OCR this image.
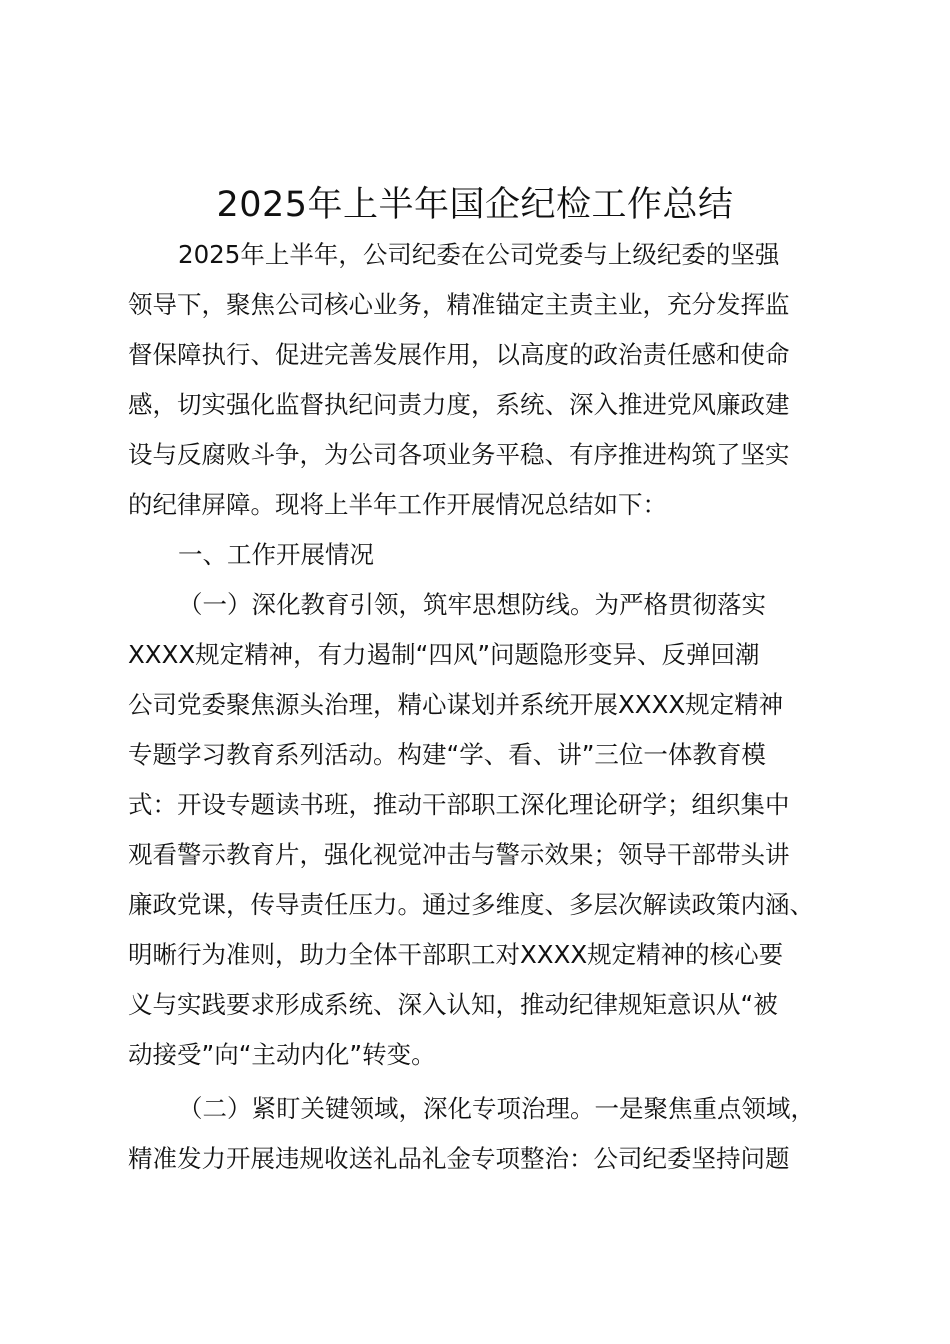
2025年上半年国企纪检工作总结
2025年上半年，公司纪委在公司党委与上级纪委的坚强
领导下，聚焦公司核心业务，精准锚定主责主业，充分发挥监
督保障执行、促进完善发展作用，以高度的政治责任感和使命
感，切实强化监督执纪问责力度，系统、深入推进党风廉政建
设与反腐败斗争，为公司各项业务平稳、有序推进构筑了坚实
的纪律屏障。现将上半年工作开展情况总结如下：
一、工作开展情况
（一）深化教育引领，筑牢思想防线。为严格贯彻落实
XXXX规定精神，有力遏制“四风”问题隐形变异、反弹回潮
公司党委聚焦源头治理，精心谋划并系统开展XXXX规定精神
专题学习教育系列活动。构建“学、看、讲”三位一体教育模
式：开设专题读书班，推动干部职工深化理论研学；组织集中
观看警示教育片，强化视觉冲击与警示效果；领导干部带头讲
廉政党课，传导责任压力。通过多维度、多层次解读政策内涵、
明晰行为准则，助力全体干部职工对XXXX规定精神的核心要
义与实践要求形成系统、深入认知，推动纪律规矩意识从“被
动接受”向“主动内化”转变。
（二）紧盯关键领域，深化专项治理。一是聚焦重点领域，
精准发力开展违规收送礼品礼金专项整治：公司纪委坚持问题
